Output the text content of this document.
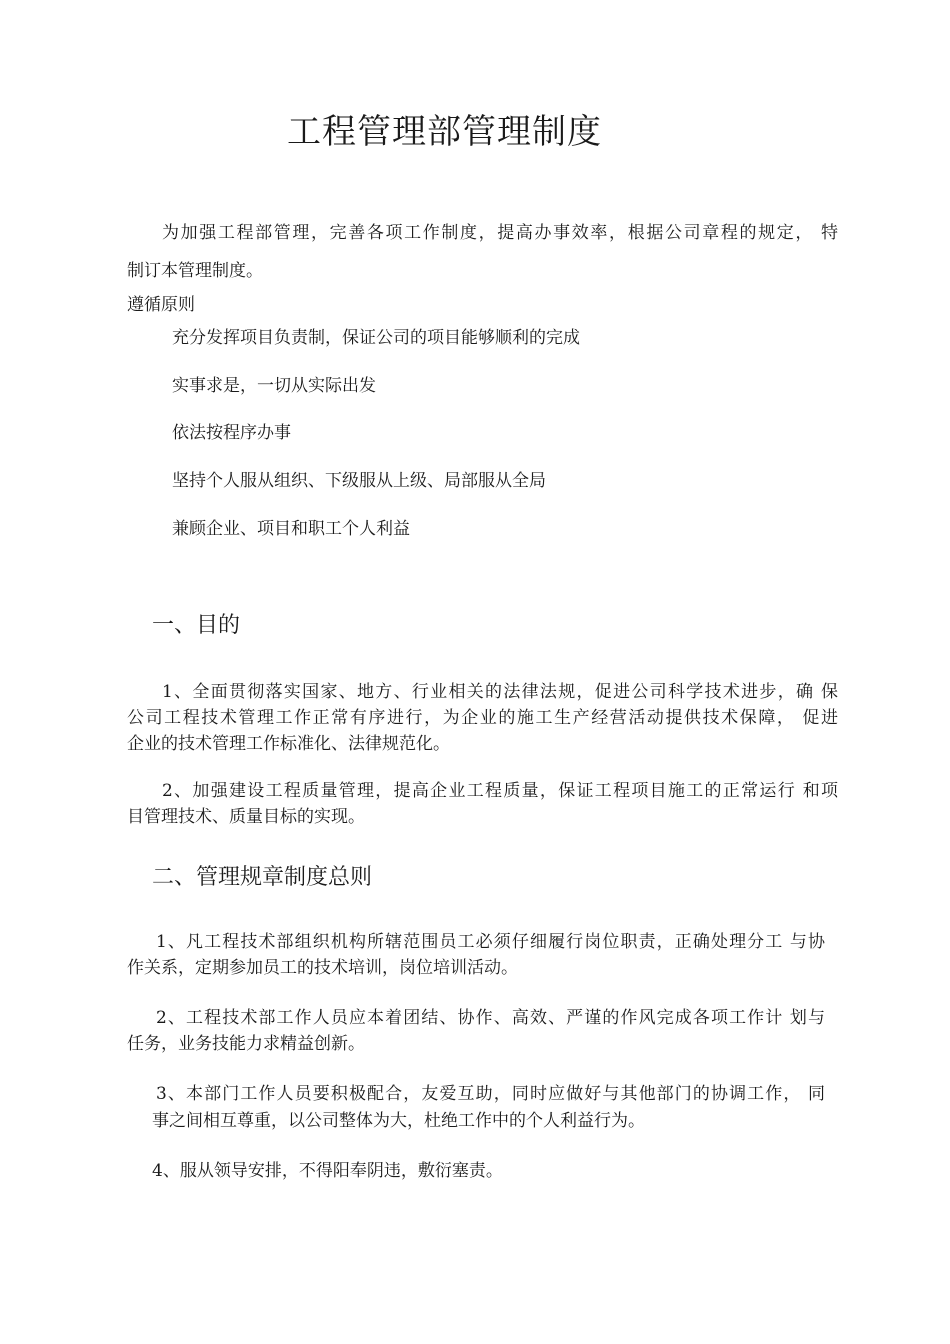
工程管理部管理制度
为加强工程部管理，完善各项工作制度，提高办事效率，根据公司章程的规定， 特
制订本管理制度。
遵循原则
充分发挥项目负责制，保证公司的项目能够顺利的完成
实事求是，一切从实际出发
依法按程序办事
坚持个人服从组织、下级服从上级、局部服从全局
兼顾企业、项目和职工个人利益
一、目的
1、全面贯彻落实国家、地方、行业相关的法律法规，促进公司科学技术进步，确 保
公司工程技术管理工作正常有序进行，为企业的施工生产经营活动提供技术保障， 促进
企业的技术管理工作标准化、法律规范化。
2、加强建设工程质量管理，提高企业工程质量，保证工程项目施工的正常运行 和项
目管理技术、质量目标的实现。
二、管理规章制度总则
1、凡工程技术部组织机构所辖范围员工必须仔细履行岗位职责，正确处理分工 与协
作关系，定期参加员工的技术培训，岗位培训活动。
2、工程技术部工作人员应本着团结、协作、高效、严谨的作风完成各项工作计 划与
任务，业务技能力求精益创新。
3、本部门工作人员要积极配合，友爱互助，同时应做好与其他部门的协调工作， 同
事之间相互尊重，以公司整体为大，杜绝工作中的个人利益行为。
4、服从领导安排，不得阳奉阴违，敷衍塞责。
